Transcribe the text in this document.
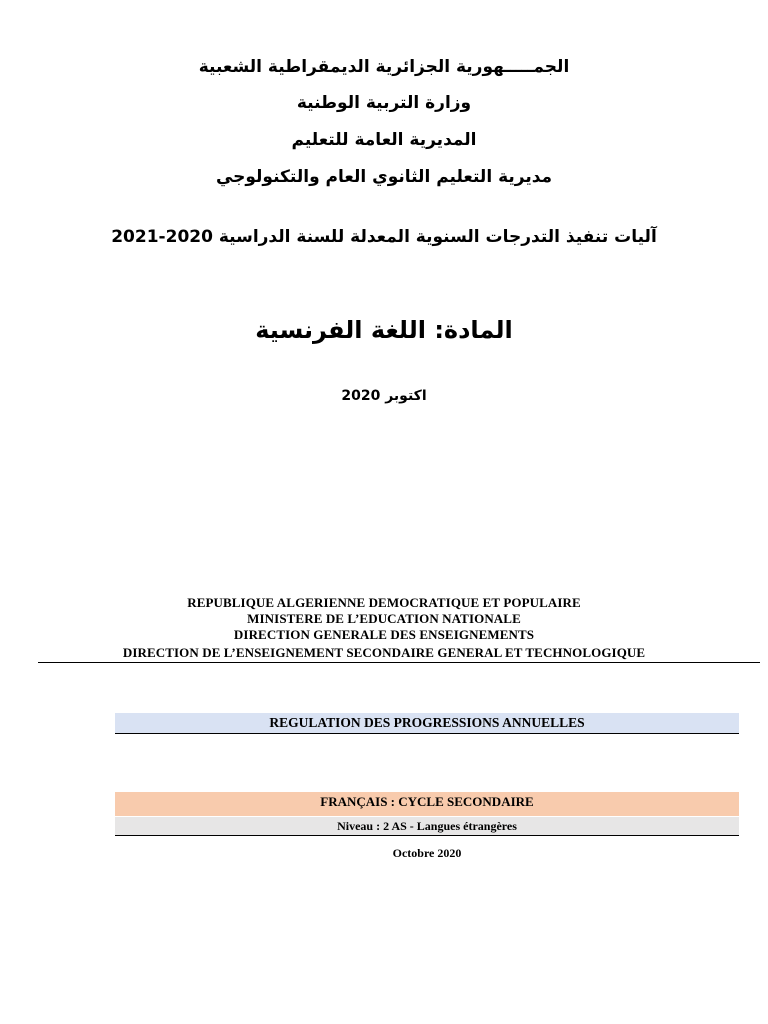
الجمـــــهورية الجزائرية الديمقراطية الشعبية
وزارة التربية الوطنية
المديرية العامة للتعليم
مديرية التعليم الثانوي العام والتكنولوجي
آليات تنفيذ التدرجات السنوية المعدلة للسنة الدراسية 2020-2021
المادة: اللغة الفرنسية
اكتوبر 2020
REPUBLIQUE ALGERIENNE DEMOCRATIQUE ET POPULAIRE
MINISTERE DE L’EDUCATION NATIONALE
DIRECTION GENERALE DES ENSEIGNEMENTS
DIRECTION DE L’ENSEIGNEMENT SECONDAIRE GENERAL ET TECHNOLOGIQUE
REGULATION DES PROGRESSIONS ANNUELLES
FRANÇAIS : CYCLE SECONDAIRE
Niveau : 2 AS - Langues étrangères
Octobre 2020
